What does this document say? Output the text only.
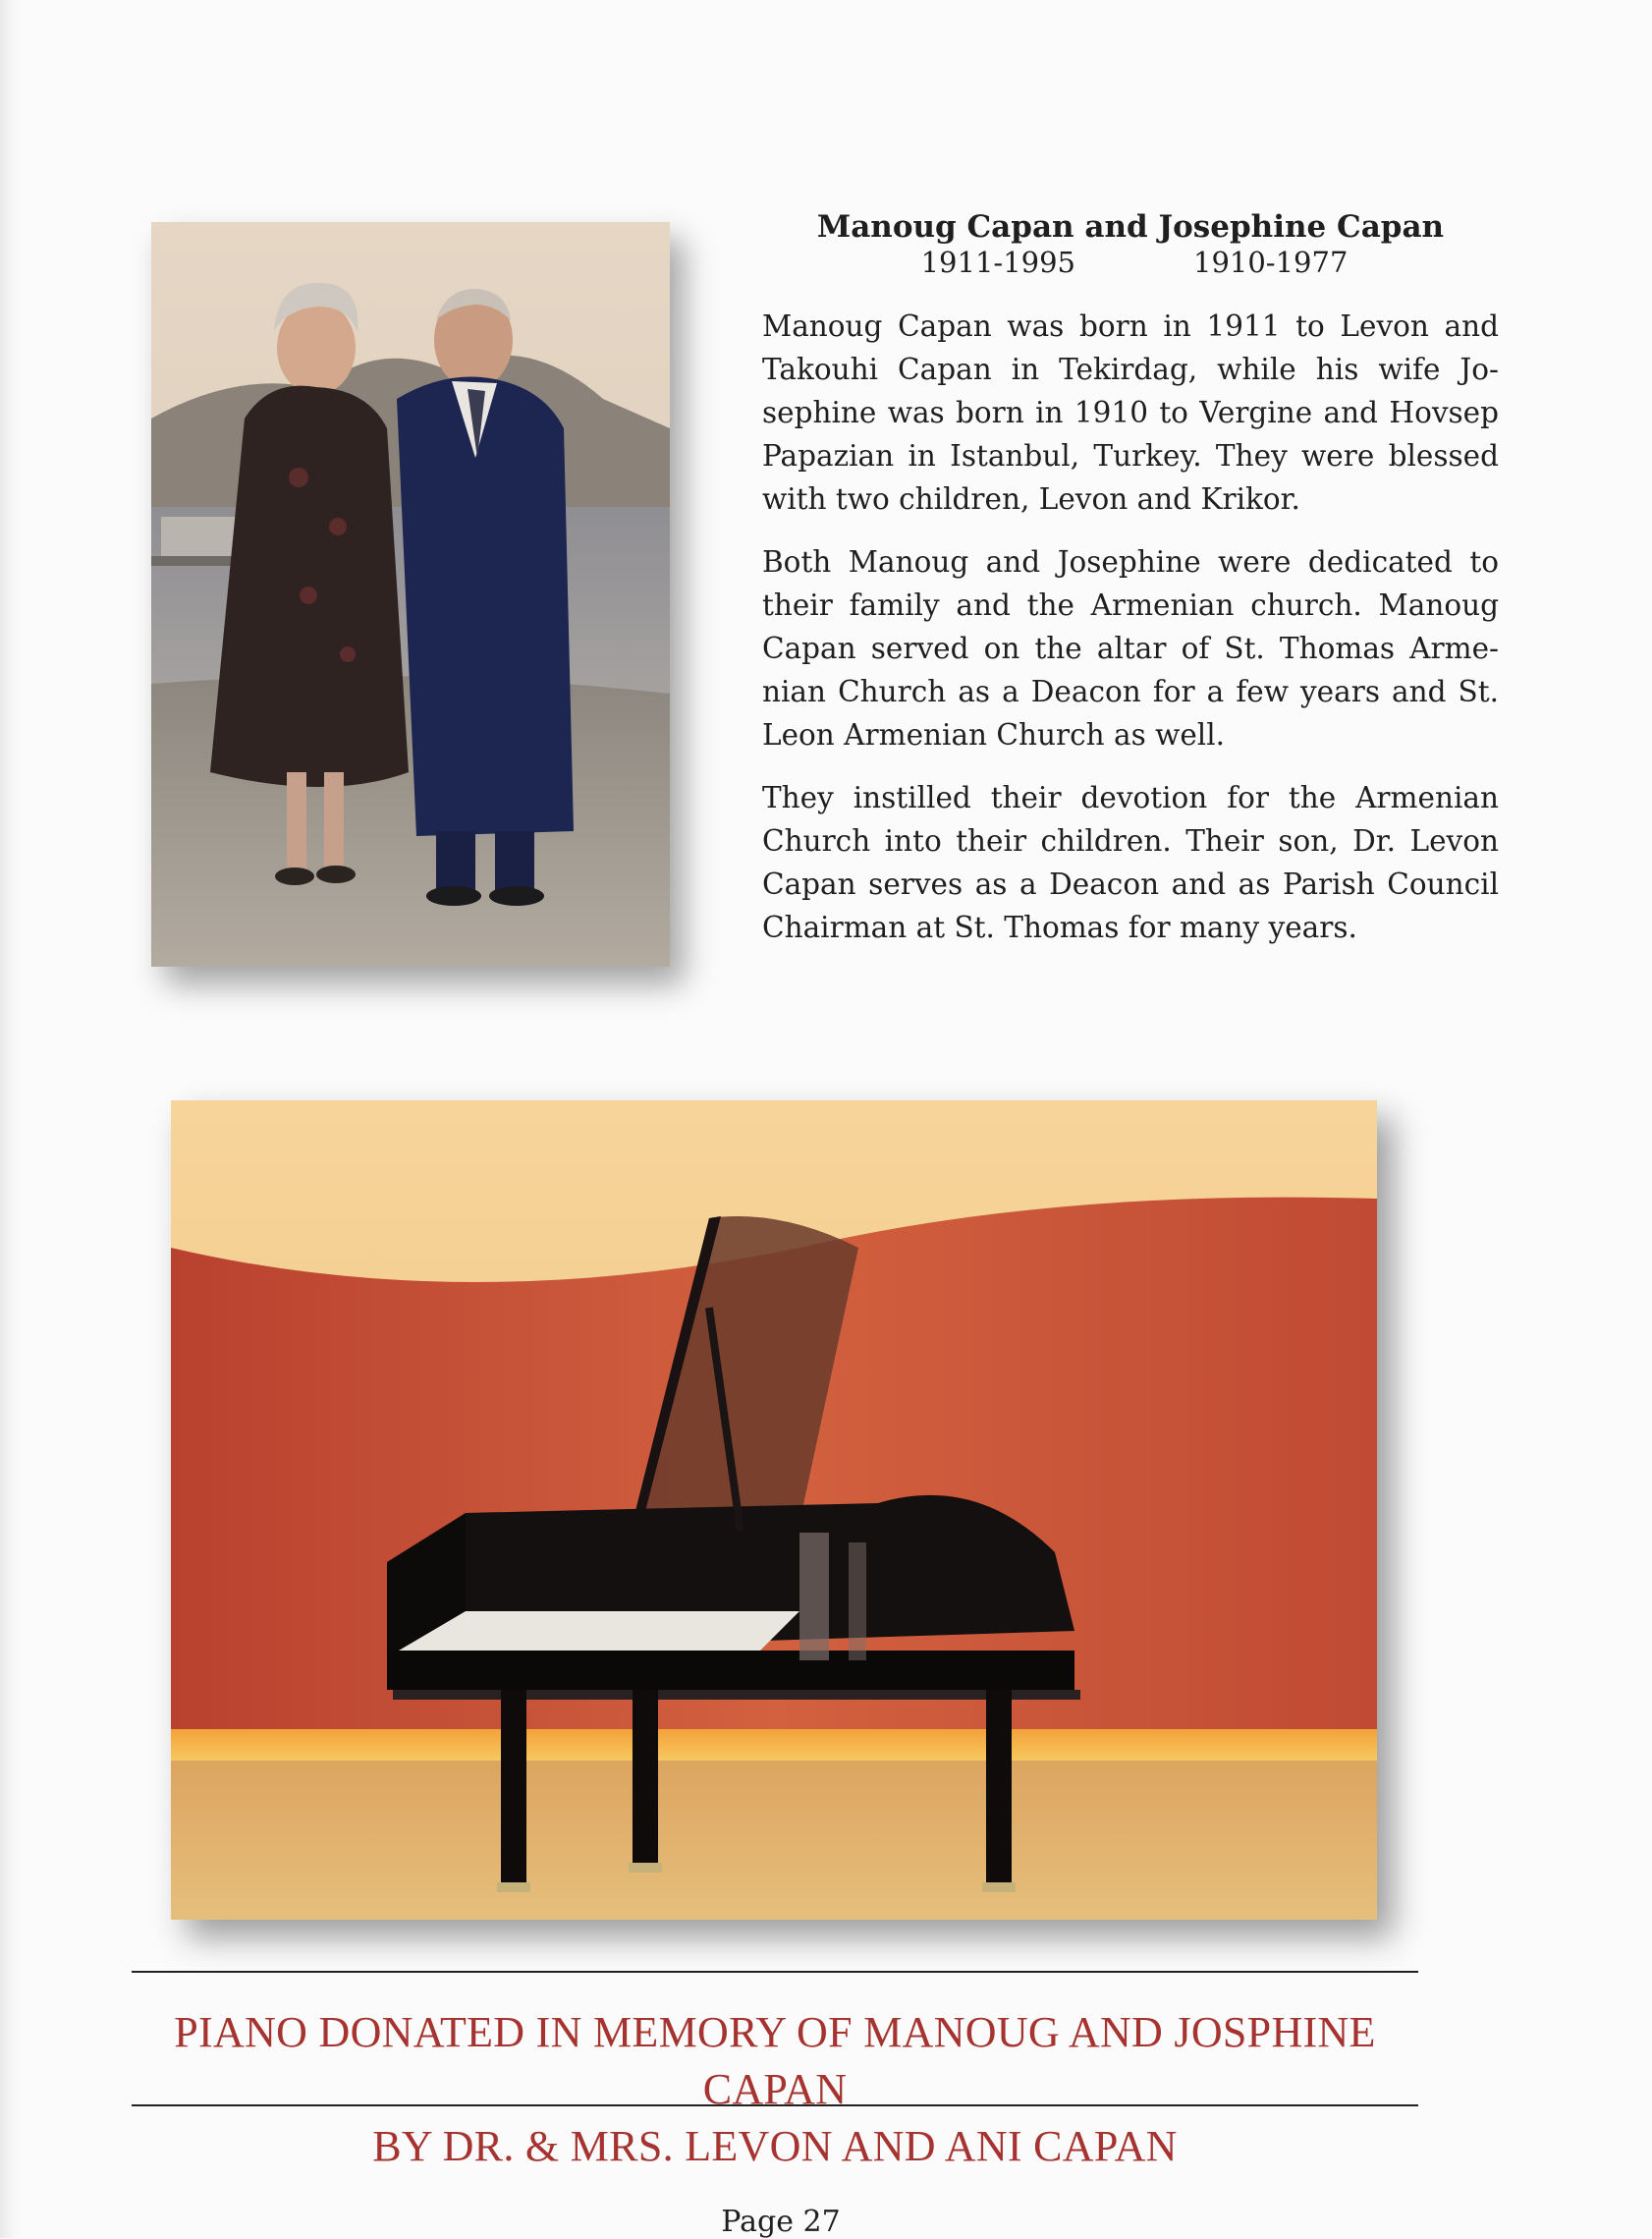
Manoug Capan and Josephine Capan
1911-1995	1910-1977

Manoug Capan was born in 1911 to Levon and Takouhi Capan in Tekirdag, while his wife Josephine was born in 1910 to Vergine and Hovsep Papazian in Istanbul, Turkey. They were blessed with two children, Levon and Krikor.

Both Manoug and Josephine were dedicated to their family and the Armenian church. Manoug Capan served on the altar of St. Thomas Armenian Church as a Deacon for a few years and St. Leon Armenian Church as well.

They instilled their devotion for the Armenian Church into their children. Their son, Dr. Levon Capan serves as a Deacon and as Parish Council Chairman at St. Thomas for many years.

PIANO DONATED IN MEMORY OF MANOUG AND JOSPHINE CAPAN
BY DR. & MRS. LEVON AND ANI CAPAN
Page 27
